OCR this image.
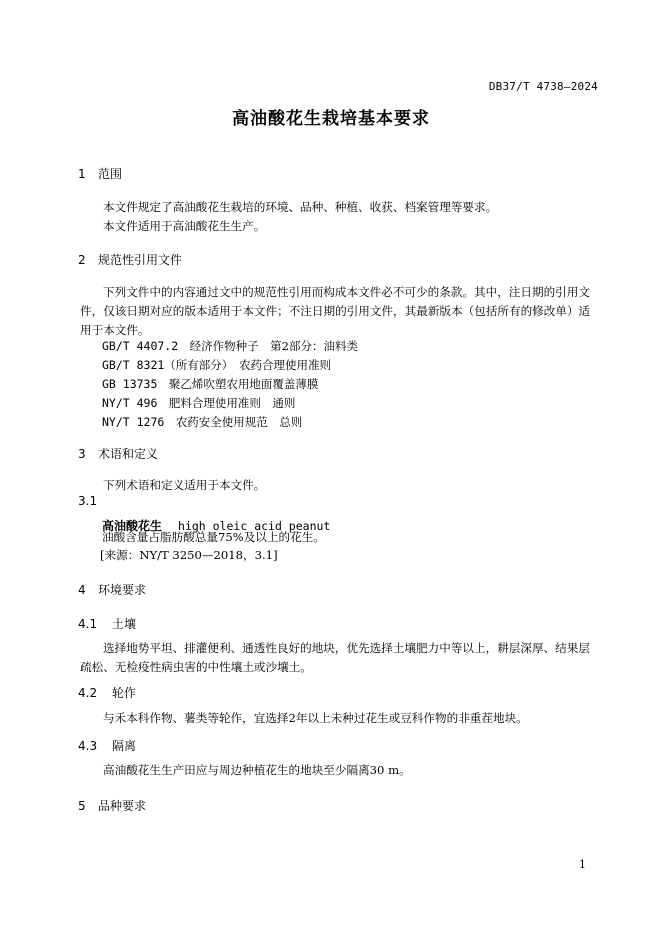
DB37/T 4738—2024
高油酸花生栽培基本要求
1 范围
本文件规定了高油酸花生栽培的环境、品种、种植、收获、档案管理等要求。
本文件适用于高油酸花生生产。
2 规范性引用文件
下列文件中的内容通过文中的规范性引用而构成本文件必不可少的条款。其中，注日期的引用文件，仅该日期对应的版本适用于本文件；不注日期的引用文件，其最新版本（包括所有的修改单）适用于本文件。
GB/T 4407.2　 经济作物种子　第2部分：油料类
GB/T 8321（所有部分）　 农药合理使用准则
GB 13735　 聚乙烯吹塑农用地面覆盖薄膜
NY/T 496　 肥料合理使用准则　通则
NY/T 1276　 农药安全使用规范　总则
3 术语和定义
下列术语和定义适用于本文件。
3.1
高油酸花生　 high oleic acid peanut
油酸含量占脂肪酸总量75%及以上的花生。
[来源：NY/T 3250—2018，3.1]
4 环境要求
4.1 土壤
选择地势平坦、排灌便利、通透性良好的地块，优先选择土壤肥力中等以上，耕层深厚、结果层疏松、无检疫性病虫害的中性壤土或沙壤土。
4.2 轮作
与禾本科作物、薯类等轮作，宜选择2年以上未种过花生或豆科作物的非重茬地块。
4.3 隔离
高油酸花生生产田应与周边种植花生的地块至少隔离30 m。
5 品种要求
1
